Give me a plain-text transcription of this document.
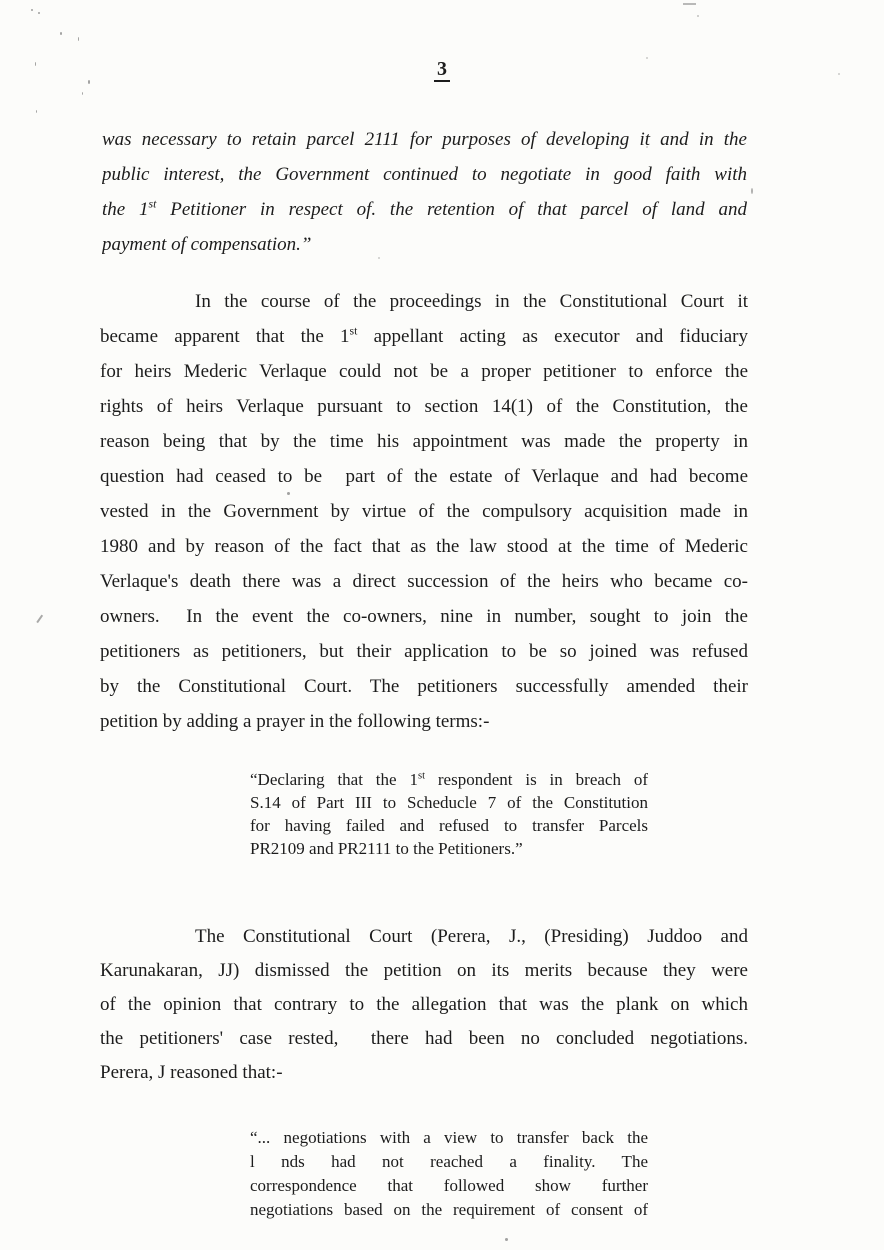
3
was necessary to retain parcel 2111 for purposes of developing it and in the
public interest, the Government continued to negotiate in good faith with
the 1st Petitioner in respect of. the retention of that parcel of land and
payment of compensation.”
In the course of the proceedings in the Constitutional Court it
became apparent that the 1st appellant acting as executor and fiduciary
for heirs Mederic Verlaque could not be a proper petitioner to enforce the
rights of heirs Verlaque pursuant to section 14(1) of the Constitution, the
reason being that by the time his appointment was made the property in
question had ceased to be  part of the estate of Verlaque and had become
vested in the Government by virtue of the compulsory acquisition made in
1980 and by reason of the fact that as the law stood at the time of Mederic
Verlaque's death there was a direct succession of the heirs who became co-
owners.  In the event the co-owners, nine in number, sought to join the
petitioners as petitioners, but their application to be so joined was refused
by the Constitutional Court. The petitioners successfully amended their
petition by adding a prayer in the following terms:-
“Declaring that the 1st respondent is in breach of
S.14 of Part III to Scheducle 7 of the Constitution
for having failed and refused to transfer Parcels
PR2109 and PR2111 to the Petitioners.”
The Constitutional Court (Perera, J., (Presiding) Juddoo and
Karunakaran, JJ) dismissed the petition on its merits because they were
of the opinion that contrary to the allegation that was the plank on which
the petitioners' case rested,  there had been no concluded negotiations.
Perera, J reasoned that:-
“... negotiations with a view to transfer back the
l nds had not reached a finality. The
correspondence that followed show further
negotiations based on the requirement of consent of
